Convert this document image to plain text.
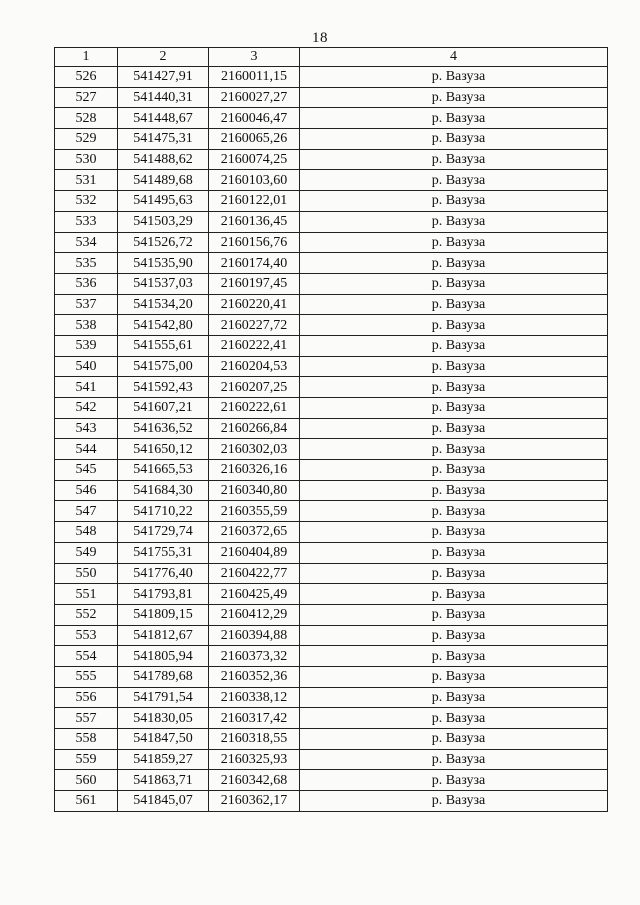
18
1	2	3	4
526	541427,91	2160011,15	р. Вазуза
527	541440,31	2160027,27	р. Вазуза
528	541448,67	2160046,47	р. Вазуза
529	541475,31	2160065,26	р. Вазуза
530	541488,62	2160074,25	р. Вазуза
531	541489,68	2160103,60	р. Вазуза
532	541495,63	2160122,01	р. Вазуза
533	541503,29	2160136,45	р. Вазуза
534	541526,72	2160156,76	р. Вазуза
535	541535,90	2160174,40	р. Вазуза
536	541537,03	2160197,45	р. Вазуза
537	541534,20	2160220,41	р. Вазуза
538	541542,80	2160227,72	р. Вазуза
539	541555,61	2160222,41	р. Вазуза
540	541575,00	2160204,53	р. Вазуза
541	541592,43	2160207,25	р. Вазуза
542	541607,21	2160222,61	р. Вазуза
543	541636,52	2160266,84	р. Вазуза
544	541650,12	2160302,03	р. Вазуза
545	541665,53	2160326,16	р. Вазуза
546	541684,30	2160340,80	р. Вазуза
547	541710,22	2160355,59	р. Вазуза
548	541729,74	2160372,65	р. Вазуза
549	541755,31	2160404,89	р. Вазуза
550	541776,40	2160422,77	р. Вазуза
551	541793,81	2160425,49	р. Вазуза
552	541809,15	2160412,29	р. Вазуза
553	541812,67	2160394,88	р. Вазуза
554	541805,94	2160373,32	р. Вазуза
555	541789,68	2160352,36	р. Вазуза
556	541791,54	2160338,12	р. Вазуза
557	541830,05	2160317,42	р. Вазуза
558	541847,50	2160318,55	р. Вазуза
559	541859,27	2160325,93	р. Вазуза
560	541863,71	2160342,68	р. Вазуза
561	541845,07	2160362,17	р. Вазуза
